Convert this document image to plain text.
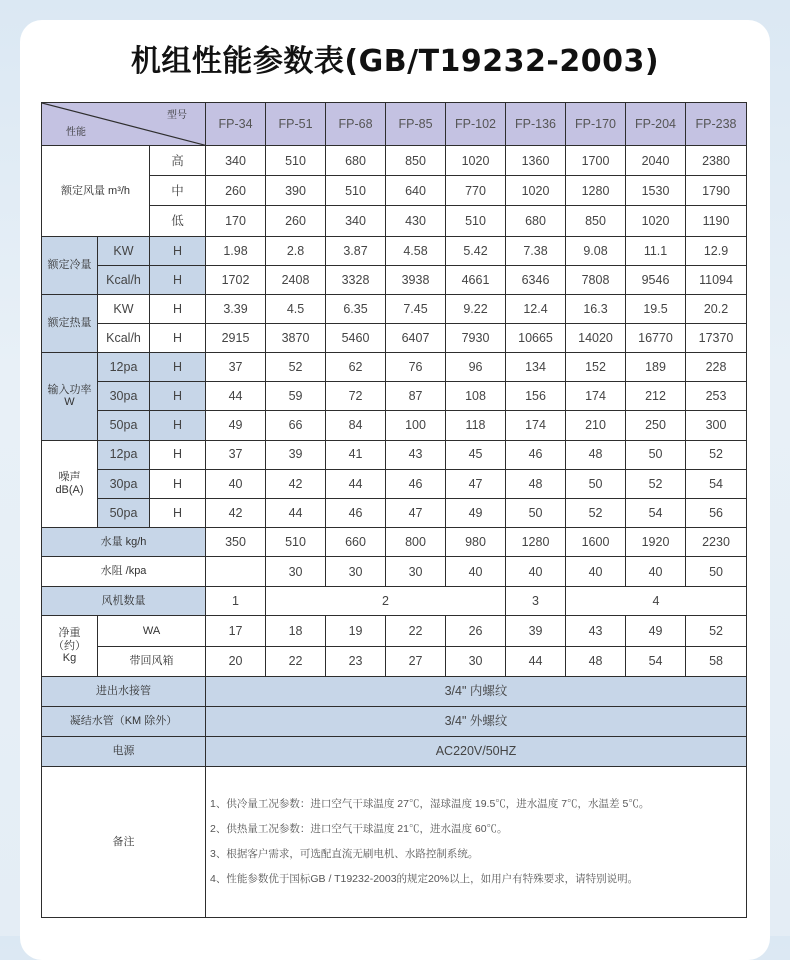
机组性能参数表(GB/T19232-2003)
型号
性能			FP-34	FP-51	FP-68	FP-85	FP-102	FP-136	FP-170	FP-204	FP-238
额定风量 m³/h		高	340	510	680	850	1020	1360	1700	2040	2380
		中	260	390	510	640	770	1020	1280	1530	1790
		低	170	260	340	430	510	680	850	1020	1190
额定冷量	KW	H	1.98	2.8	3.87	4.58	5.42	7.38	9.08	11.1	12.9
	Kcal/h	H	1702	2408	3328	3938	4661	6346	7808	9546	11094
额定热量	KW	H	3.39	4.5	6.35	7.45	9.22	12.4	16.3	19.5	20.2
	Kcal/h	H	2915	3870	5460	6407	7930	10665	14020	16770	17370
输入功率
W	12pa	H	37	52	62	76	96	134	152	189	228
	30pa	H	44	59	72	87	108	156	174	212	253
	50pa	H	49	66	84	100	118	174	210	250	300
噪声
dB(A)	12pa	H	37	39	41	43	45	46	48	50	52
	30pa	H	40	42	44	46	47	48	50	52	54
	50pa	H	42	44	46	47	49	50	52	54	56
水量 kg/h			350	510	660	800	980	1280	1600	1920	2230
水阻 /kpa				30	30	30	40	40	40	40	50
风机数量			1	2				3	4		
净重
（约）
Kg	WA		17	18	19	22	26	39	43	49	52
	带回风箱		20	22	23	27	30	44	48	54	58
进出水接管			3/4" 内螺纹								
凝结水管（KM 除外）			3/4" 外螺纹								
电源			AC220V/50HZ								
备注			1、供冷量工况参数：进口空气干球温度 27℃，湿球温度 19.5℃，进水温度 7℃，水温差 5℃。
2、供热量工况参数：进口空气干球温度 21℃，进水温度 60℃。
3、根据客户需求，可选配直流无刷电机、水路控制系统。
4、性能参数优于国标GB / T19232-2003的规定20%以上，如用户有特殊要求，请特别说明。								
